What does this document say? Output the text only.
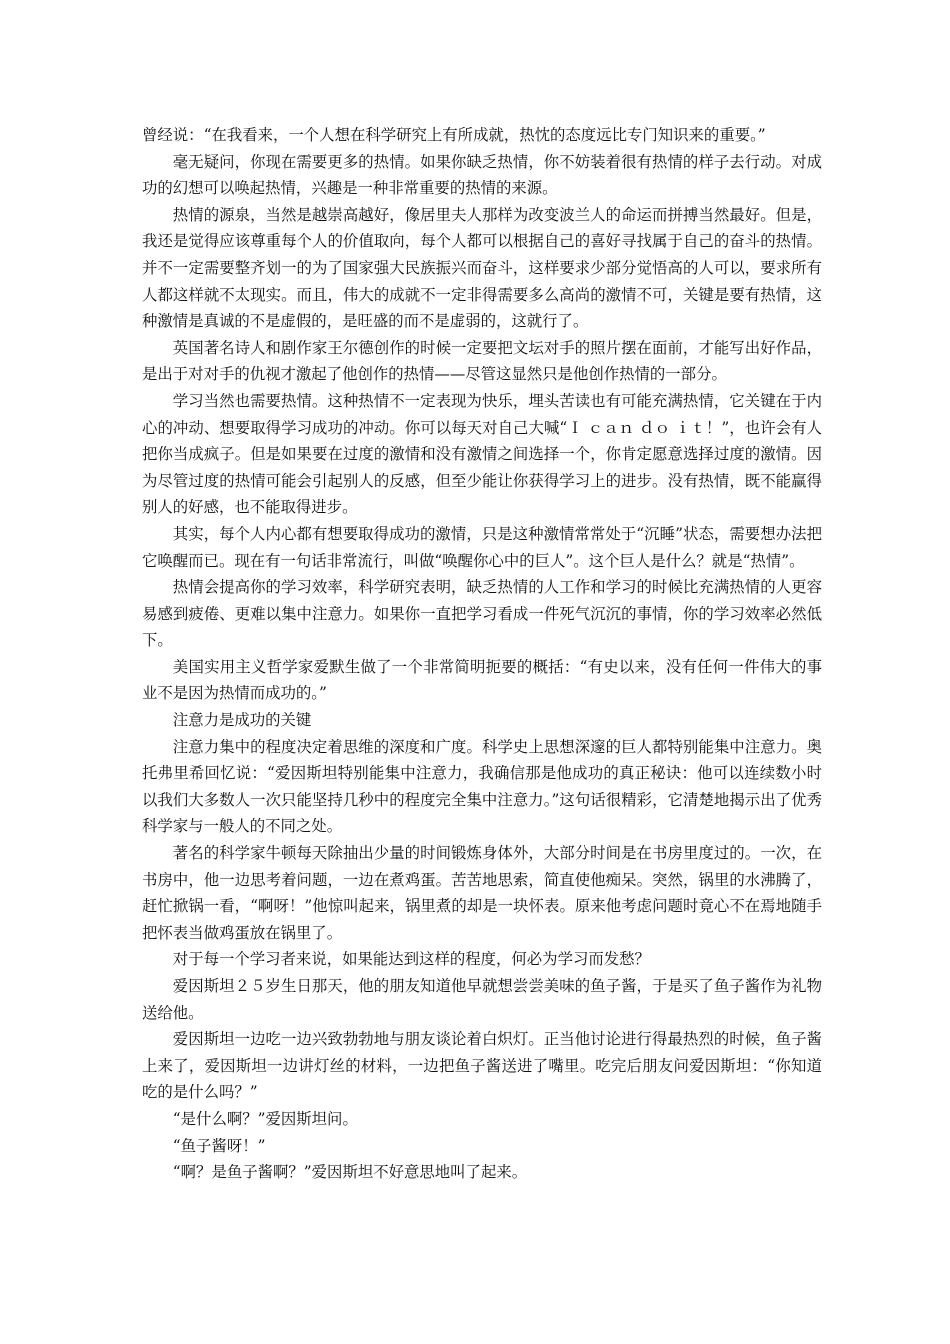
曾经说：“在我看来，一个人想在科学研究上有所成就，热忱的态度远比专门知识来的重要。”

毫无疑问，你现在需要更多的热情。如果你缺乏热情，你不妨装着很有热情的样子去行动。对成功的幻想可以唤起热情，兴趣是一种非常重要的热情的来源。

热情的源泉，当然是越崇高越好，像居里夫人那样为改变波兰人的命运而拼搏当然最好。但是，我还是觉得应该尊重每个人的价值取向，每个人都可以根据自己的喜好寻找属于自己的奋斗的热情。并不一定需要整齐划一的为了国家强大民族振兴而奋斗，这样要求少部分觉悟高的人可以，要求所有人都这样就不太现实。而且，伟大的成就不一定非得需要多么高尚的激情不可，关键是要有热情，这种激情是真诚的不是虚假的，是旺盛的而不是虚弱的，这就行了。

英国著名诗人和剧作家王尔德创作的时候一定要把文坛对手的照片摆在面前，才能写出好作品，是出于对对手的仇视才激起了他创作的热情——尽管这显然只是他创作热情的一部分。

学习当然也需要热情。这种热情不一定表现为快乐，埋头苦读也有可能充满热情，它关键在于内心的冲动、想要取得学习成功的冲动。你可以每天对自己大喊“Ｉ ｃａｎ ｄｏ ｉｔ！”，也许会有人把你当成疯子。但是如果要在过度的激情和没有激情之间选择一个，你肯定愿意选择过度的激情。因为尽管过度的热情可能会引起别人的反感，但至少能让你获得学习上的进步。没有热情，既不能赢得别人的好感，也不能取得进步。

其实，每个人内心都有想要取得成功的激情，只是这种激情常常处于“沉睡”状态，需要想办法把它唤醒而已。现在有一句话非常流行，叫做“唤醒你心中的巨人”。这个巨人是什么？就是“热情”。

热情会提高你的学习效率，科学研究表明，缺乏热情的人工作和学习的时候比充满热情的人更容易感到疲倦、更难以集中注意力。如果你一直把学习看成一件死气沉沉的事情，你的学习效率必然低下。

美国实用主义哲学家爱默生做了一个非常简明扼要的概括：“有史以来，没有任何一件伟大的事业不是因为热情而成功的。”

注意力是成功的关键

注意力集中的程度决定着思维的深度和广度。科学史上思想深邃的巨人都特别能集中注意力。奥托弗里希回忆说：“爱因斯坦特别能集中注意力，我确信那是他成功的真正秘诀：他可以连续数小时以我们大多数人一次只能坚持几秒中的程度完全集中注意力。”这句话很精彩，它清楚地揭示出了优秀科学家与一般人的不同之处。

著名的科学家牛顿每天除抽出少量的时间锻炼身体外，大部分时间是在书房里度过的。一次，在书房中，他一边思考着问题，一边在煮鸡蛋。苦苦地思索，简直使他痴呆。突然，锅里的水沸腾了，赶忙掀锅一看，“啊呀！”他惊叫起来，锅里煮的却是一块怀表。原来他考虑问题时竟心不在焉地随手把怀表当做鸡蛋放在锅里了。

对于每一个学习者来说，如果能达到这样的程度，何必为学习而发愁？

爱因斯坦２５岁生日那天，他的朋友知道他早就想尝尝美味的鱼子酱，于是买了鱼子酱作为礼物送给他。

爱因斯坦一边吃一边兴致勃勃地与朋友谈论着白炽灯。正当他讨论进行得最热烈的时候，鱼子酱上来了，爱因斯坦一边讲灯丝的材料，一边把鱼子酱送进了嘴里。吃完后朋友问爱因斯坦：“你知道吃的是什么吗？”

“是什么啊？”爱因斯坦问。

“鱼子酱呀！”

“啊？是鱼子酱啊？”爱因斯坦不好意思地叫了起来。
